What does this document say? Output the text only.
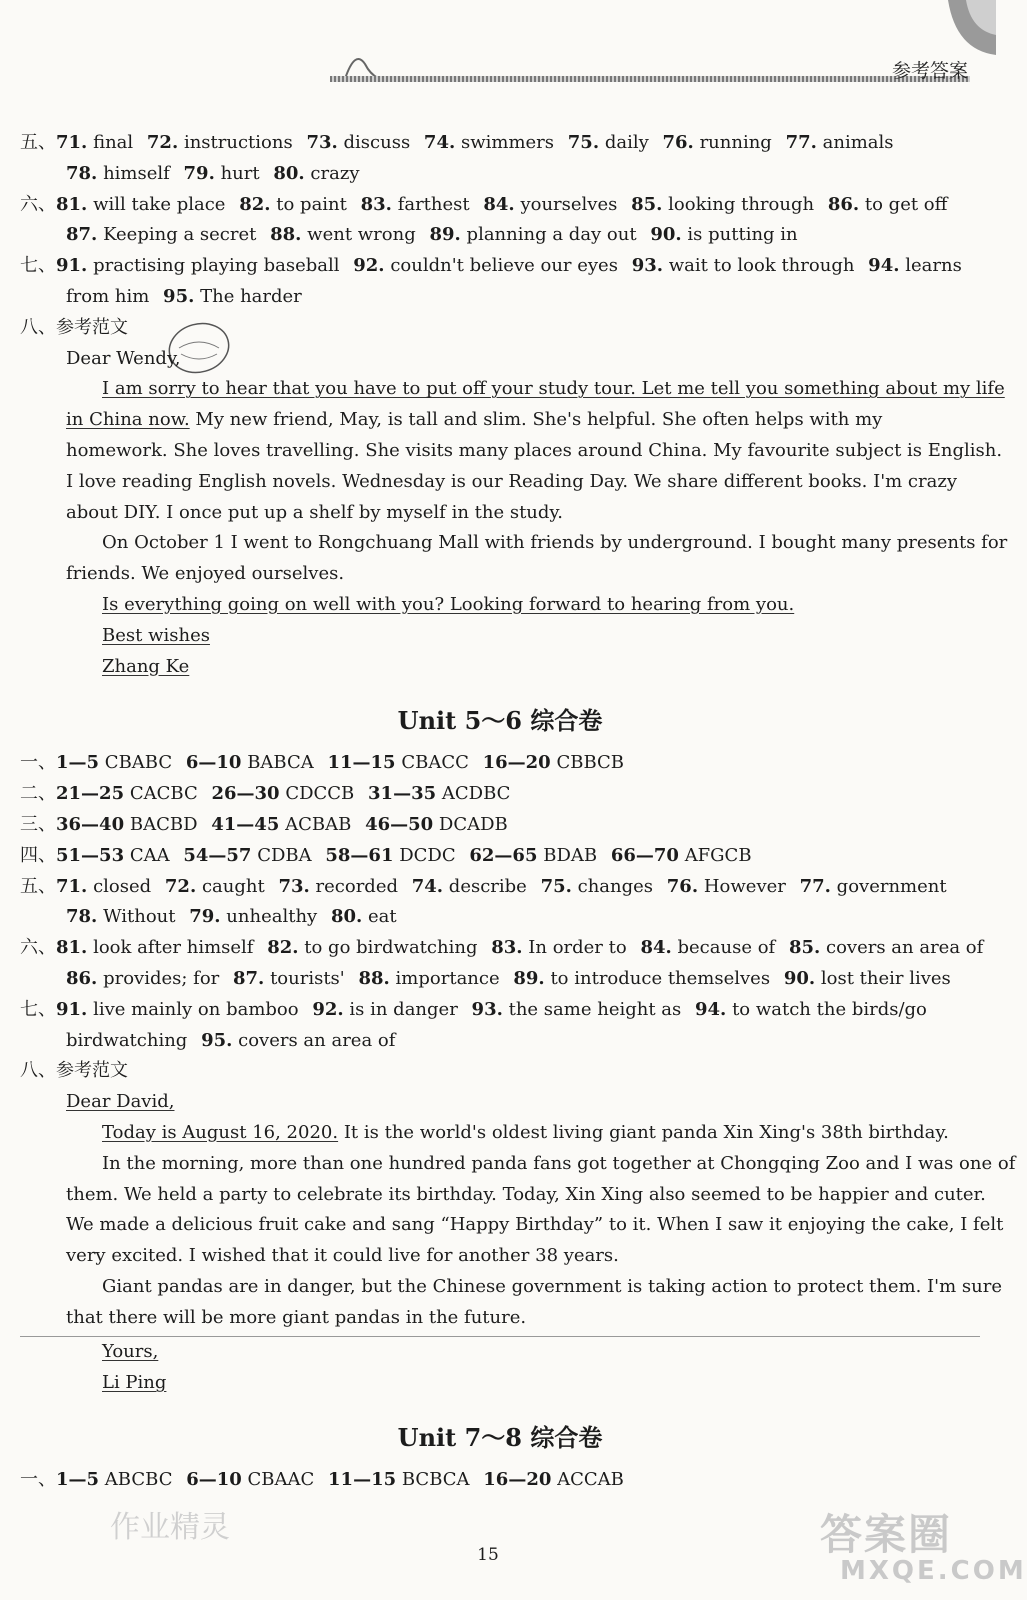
参考答案
五、71. final 72. instructions 73. discuss 74. swimmers 75. daily 76. running 77. animals
78. himself 79. hurt 80. crazy
六、81. will take place 82. to paint 83. farthest 84. yourselves 85. looking through 86. to get off
87. Keeping a secret 88. went wrong 89. planning a day out 90. is putting in
七、91. practising playing baseball 92. couldn't believe our eyes 93. wait to look through 94. learns
from him 95. The harder
八、参考范文
Dear Wendy,
I am sorry to hear that you have to put off your study tour. Let me tell you something about my life
in China now. My new friend, May, is tall and slim. She's helpful. She often helps with my
homework. She loves travelling. She visits many places around China. My favourite subject is English.
I love reading English novels. Wednesday is our Reading Day. We share different books. I'm crazy
about DIY. I once put up a shelf by myself in the study.
On October 1 I went to Rongchuang Mall with friends by underground. I bought many presents for
friends. We enjoyed ourselves.
Is everything going on well with you? Looking forward to hearing from you.
Best wishes
Zhang Ke
Unit 5～6 综合卷
一、1—5 CBABC 6—10 BABCA 11—15 CBACC 16—20 CBBCB
二、21—25 CACBC 26—30 CDCCB 31—35 ACDBC
三、36—40 BACBD 41—45 ACBAB 46—50 DCADB
四、51—53 CAA 54—57 CDBA 58—61 DCDC 62—65 BDAB 66—70 AFGCB
五、71. closed 72. caught 73. recorded 74. describe 75. changes 76. However 77. government
78. Without 79. unhealthy 80. eat
六、81. look after himself 82. to go birdwatching 83. In order to 84. because of 85. covers an area of
86. provides; for 87. tourists' 88. importance 89. to introduce themselves 90. lost their lives
七、91. live mainly on bamboo 92. is in danger 93. the same height as 94. to watch the birds/go
birdwatching 95. covers an area of
八、参考范文
Dear David,
Today is August 16, 2020. It is the world's oldest living giant panda Xin Xing's 38th birthday.
In the morning, more than one hundred panda fans got together at Chongqing Zoo and I was one of
them. We held a party to celebrate its birthday. Today, Xin Xing also seemed to be happier and cuter.
We made a delicious fruit cake and sang “Happy Birthday” to it. When I saw it enjoying the cake, I felt
very excited. I wished that it could live for another 38 years.
Giant pandas are in danger, but the Chinese government is taking action to protect them. I'm sure
that there will be more giant pandas in the future.
Yours,
Li Ping
Unit 7～8 综合卷
一、1—5 ABCBC 6—10 CBAAC 11—15 BCBCA 16—20 ACCAB
作业精灵
15	答案圈
MXQE.COM
